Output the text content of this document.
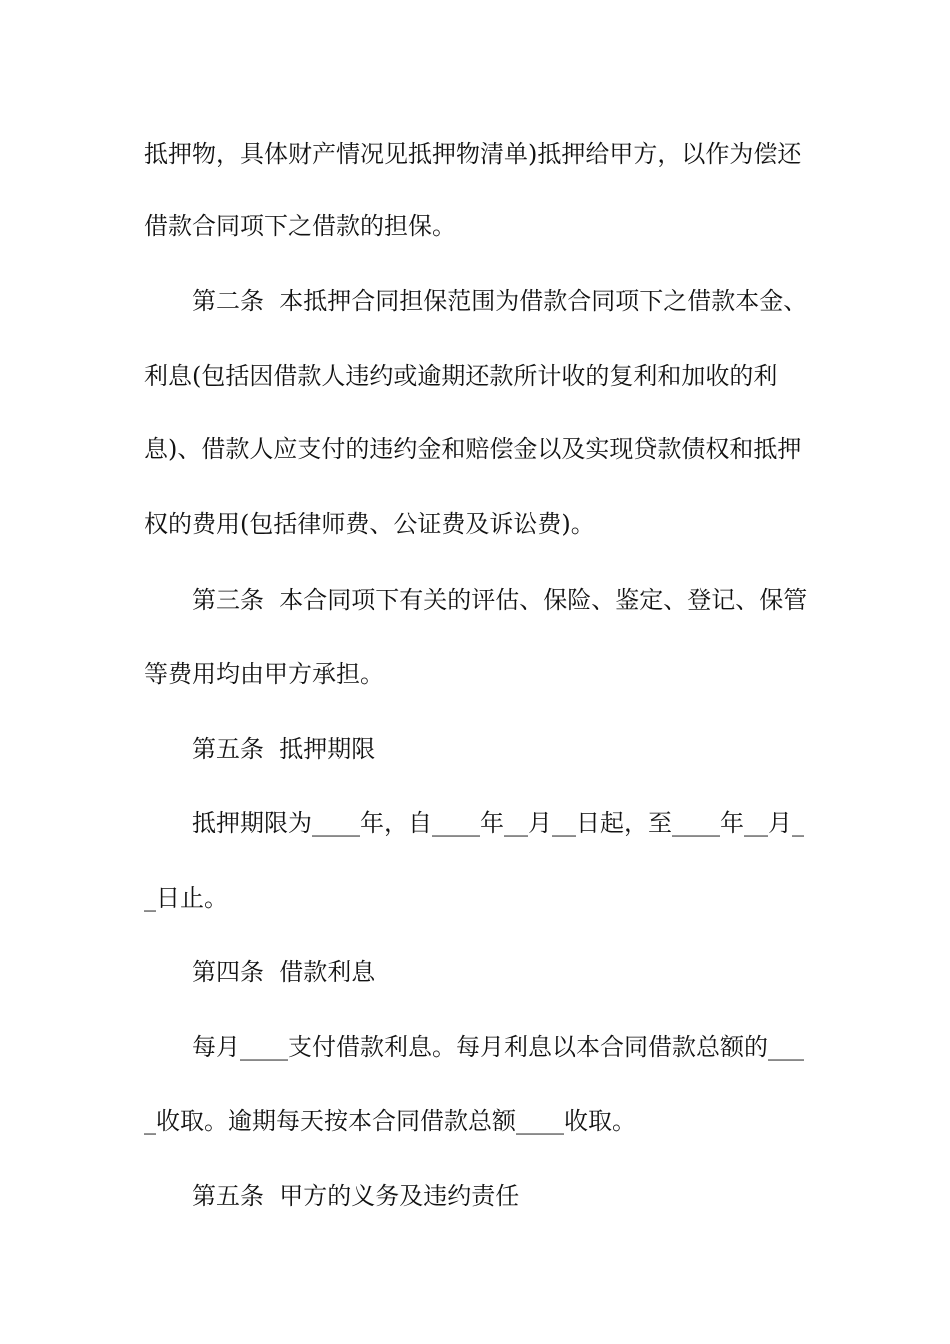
抵押物，具体财产情况见抵押物清单)抵押给甲方，以作为偿还
借款合同项下之借款的担保。
第二条  本抵押合同担保范围为借款合同项下之借款本金、
利息(包括因借款人违约或逾期还款所计收的复利和加收的利
息)、借款人应支付的违约金和赔偿金以及实现贷款债权和抵押
权的费用(包括律师费、公证费及诉讼费)。
第三条  本合同项下有关的评估、保险、鉴定、登记、保管
等费用均由甲方承担。
第五条  抵押期限
抵押期限为____年，自____年__月__日起，至____年__月_
_日止。
第四条  借款利息
每月____支付借款利息。每月利息以本合同借款总额的___
_收取。逾期每天按本合同借款总额____收取。
第五条  甲方的义务及违约责任
